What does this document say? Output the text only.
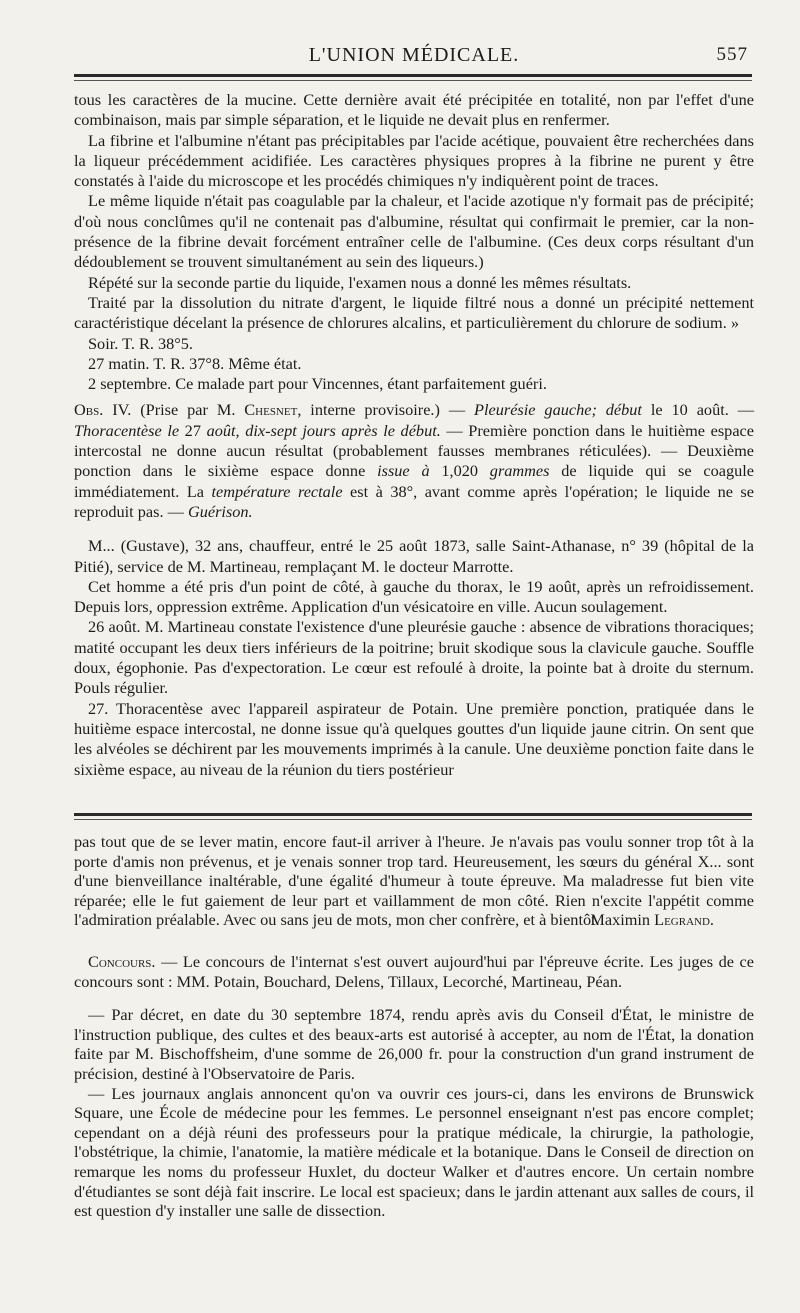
L'UNION MÉDICALE.	557

tous les caractères de la mucine. Cette dernière avait été précipitée en totalité, non par l'effet d'une combinaison, mais par simple séparation, et le liquide ne devait plus en renfermer.

La fibrine et l'albumine n'étant pas précipitables par l'acide acétique, pouvaient être recherchées dans la liqueur précédemment acidifiée. Les caractères physiques propres à la fibrine ne purent y être constatés à l'aide du microscope et les procédés chimiques n'y indiquèrent point de traces.

Le même liquide n'était pas coagulable par la chaleur, et l'acide azotique n'y formait pas de précipité; d'où nous conclûmes qu'il ne contenait pas d'albumine, résultat qui confirmait le premier, car la non-présence de la fibrine devait forcément entraîner celle de l'albumine. (Ces deux corps résultant d'un dédoublement se trouvent simultanément au sein des liqueurs.)

Répété sur la seconde partie du liquide, l'examen nous a donné les mêmes résultats.

Traité par la dissolution du nitrate d'argent, le liquide filtré nous a donné un précipité nettement caractéristique décelant la présence de chlorures alcalins, et particulièrement du chlorure de sodium. »

Soir. T. R. 38°5.

27 matin. T. R. 37°8. Même état.

2 septembre. Ce malade part pour Vincennes, étant parfaitement guéri.

Obs. IV. (Prise par M. Chesnet, interne provisoire.) — Pleurésie gauche; début le 10 août. — Thoracentèse le 27 août, dix-sept jours après le début. — Première ponction dans le huitième espace intercostal ne donne aucun résultat (probablement fausses membranes réticulées). — Deuxième ponction dans le sixième espace donne issue à 1,020 grammes de liquide qui se coagule immédiatement. La température rectale est à 38°, avant comme après l'opération; le liquide ne se reproduit pas. — Guérison.

M... (Gustave), 32 ans, chauffeur, entré le 25 août 1873, salle Saint-Athanase, n° 39 (hôpital de la Pitié), service de M. Martineau, remplaçant M. le docteur Marrotte.

Cet homme a été pris d'un point de côté, à gauche du thorax, le 19 août, après un refroidissement. Depuis lors, oppression extrême. Application d'un vésicatoire en ville. Aucun soulagement.

26 août. M. Martineau constate l'existence d'une pleurésie gauche : absence de vibrations thoraciques; matité occupant les deux tiers inférieurs de la poitrine; bruit skodique sous la clavicule gauche. Souffle doux, égophonie. Pas d'expectoration. Le cœur est refoulé à droite, la pointe bat à droite du sternum. Pouls régulier.

27. Thoracentèse avec l'appareil aspirateur de Potain. Une première ponction, pratiquée dans le huitième espace intercostal, ne donne issue qu'à quelques gouttes d'un liquide jaune citrin. On sent que les alvéoles se déchirent par les mouvements imprimés à la canule. Une deuxième ponction faite dans le sixième espace, au niveau de la réunion du tiers postérieur

pas tout que de se lever matin, encore faut-il arriver à l'heure. Je n'avais pas voulu sonner trop tôt à la porte d'amis non prévenus, et je venais sonner trop tard. Heureusement, les sœurs du général X... sont d'une bienveillance inaltérable, d'une égalité d'humeur à toute épreuve. Ma maladresse fut bien vite réparée; elle le fut gaiement de leur part et vaillamment de mon côté. Rien n'excite l'appétit comme l'admiration préalable. Avec ou sans jeu de mots, mon cher confrère, et à bientôt.

Maximin Legrand.

Concours. — Le concours de l'internat s'est ouvert aujourd'hui par l'épreuve écrite. Les juges de ce concours sont : MM. Potain, Bouchard, Delens, Tillaux, Lecorché, Martineau, Péan.

— Par décret, en date du 30 septembre 1874, rendu après avis du Conseil d'État, le ministre de l'instruction publique, des cultes et des beaux-arts est autorisé à accepter, au nom de l'État, la donation faite par M. Bischoffsheim, d'une somme de 26,000 fr. pour la construction d'un grand instrument de précision, destiné à l'Observatoire de Paris.

— Les journaux anglais annoncent qu'on va ouvrir ces jours-ci, dans les environs de Brunswick Square, une École de médecine pour les femmes. Le personnel enseignant n'est pas encore complet; cependant on a déjà réuni des professeurs pour la pratique médicale, la chirurgie, la pathologie, l'obstétrique, la chimie, l'anatomie, la matière médicale et la botanique. Dans le Conseil de direction on remarque les noms du professeur Huxlet, du docteur Walker et d'autres encore. Un certain nombre d'étudiantes se sont déjà fait inscrire. Le local est spacieux; dans le jardin attenant aux salles de cours, il est question d'y installer une salle de dissection.
